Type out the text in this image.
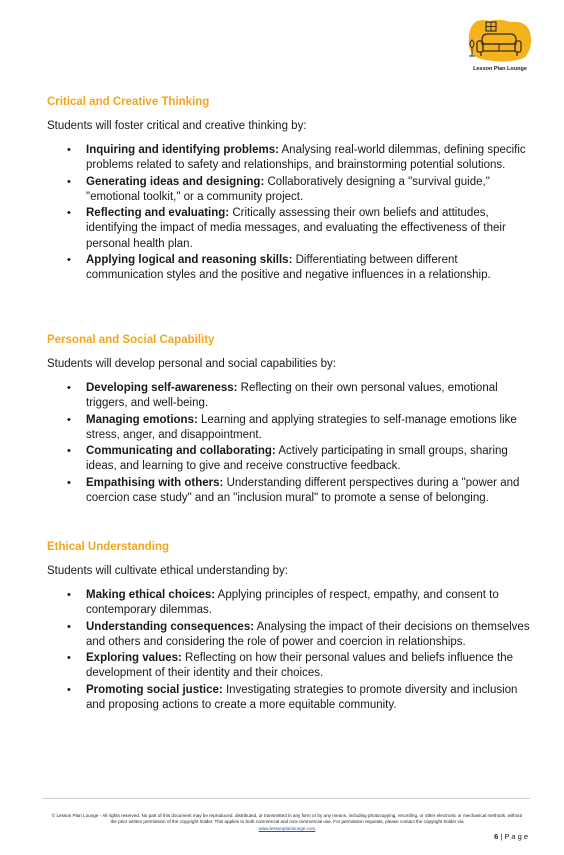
Lesson Plan Lounge
Critical and Creative Thinking
Students will foster critical and creative thinking by:
• Inquiring and identifying problems: Analysing real-world dilemmas, defining specific problems related to safety and relationships, and brainstorming potential solutions.
• Generating ideas and designing: Collaboratively designing a "survival guide," "emotional toolkit," or a community project.
• Reflecting and evaluating: Critically assessing their own beliefs and attitudes, identifying the impact of media messages, and evaluating the effectiveness of their personal health plan.
• Applying logical and reasoning skills: Differentiating between different communication styles and the positive and negative influences in a relationship.
Personal and Social Capability
Students will develop personal and social capabilities by:
• Developing self-awareness: Reflecting on their own personal values, emotional triggers, and well-being.
• Managing emotions: Learning and applying strategies to self-manage emotions like stress, anger, and disappointment.
• Communicating and collaborating: Actively participating in small groups, sharing ideas, and learning to give and receive constructive feedback.
• Empathising with others: Understanding different perspectives during a "power and coercion case study" and an "inclusion mural" to promote a sense of belonging.
Ethical Understanding
Students will cultivate ethical understanding by:
• Making ethical choices: Applying principles of respect, empathy, and consent to contemporary dilemmas.
• Understanding consequences: Analysing the impact of their decisions on themselves and others and considering the role of power and coercion in relationships.
• Exploring values: Reflecting on how their personal values and beliefs influence the development of their identity and their choices.
• Promoting social justice: Investigating strategies to promote diversity and inclusion and proposing actions to create a more equitable community.
© Lesson Plan Lounge - All rights reserved. No part of this document may be reproduced, distributed, or transmitted in any form or by any means, including photocopying, recording, or other electronic or mechanical methods, without the prior written permission of the copyright holder. This applies to both commercial and non-commercial use. For permission requests, please contact the copyright holder via
www.lessonplanlounge.com
6 | P a g e
